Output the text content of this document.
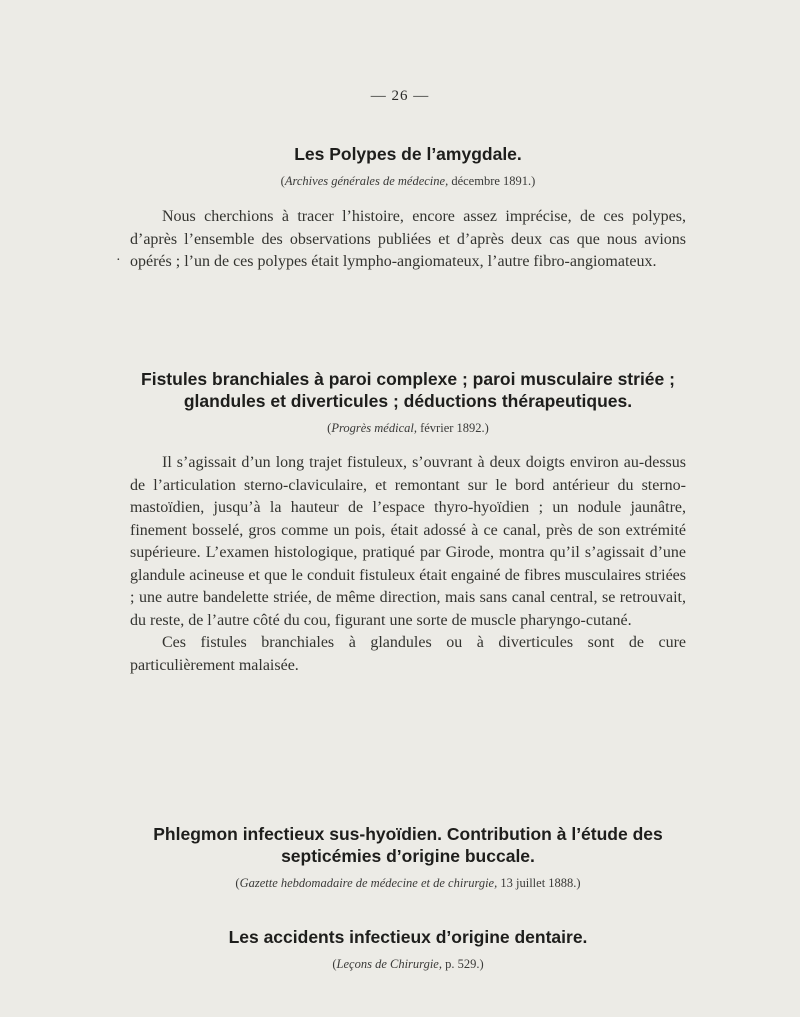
— 26 —
Les Polypes de l’amygdale.
(Archives générales de médecine, décembre 1891.)

Nous cherchions à tracer l’histoire, encore assez imprécise, de ces polypes, d’après l’ensemble des observations publiées et d’après deux cas que nous avions opérés ; l’un de ces polypes était lympho-angiomateux, l’autre fibro-angiomateux.

·
Fistules branchiales à paroi complexe ; paroi musculaire striée ; glandules et diverticules ; déductions thérapeutiques.
(Progrès médical, février 1892.)

Il s’agissait d’un long trajet fistuleux, s’ouvrant à deux doigts environ au-dessus de l’articulation sterno-claviculaire, et remontant sur le bord antérieur du sterno-mastoïdien, jusqu’à la hauteur de l’espace thyro-hyoïdien ; un nodule jaunâtre, finement bosselé, gros comme un pois, était adossé à ce canal, près de son extrémité supérieure. L’examen histologique, pratiqué par Girode, montra qu’il s’agissait d’une glandule acineuse et que le conduit fistuleux était engainé de fibres musculaires striées ; une autre bandelette striée, de même direction, mais sans canal central, se retrouvait, du reste, de l’autre côté du cou, figurant une sorte de muscle pharyngo-cutané.

Ces fistules branchiales à glandules ou à diverticules sont de cure particulièrement malaisée.

Phlegmon infectieux sus-hyoïdien. Contribution à l’étude des septicémies d’origine buccale.
(Gazette hebdomadaire de médecine et de chirurgie, 13 juillet 1888.)
Les accidents infectieux d’origine dentaire.
(Leçons de Chirurgie, p. 529.)
